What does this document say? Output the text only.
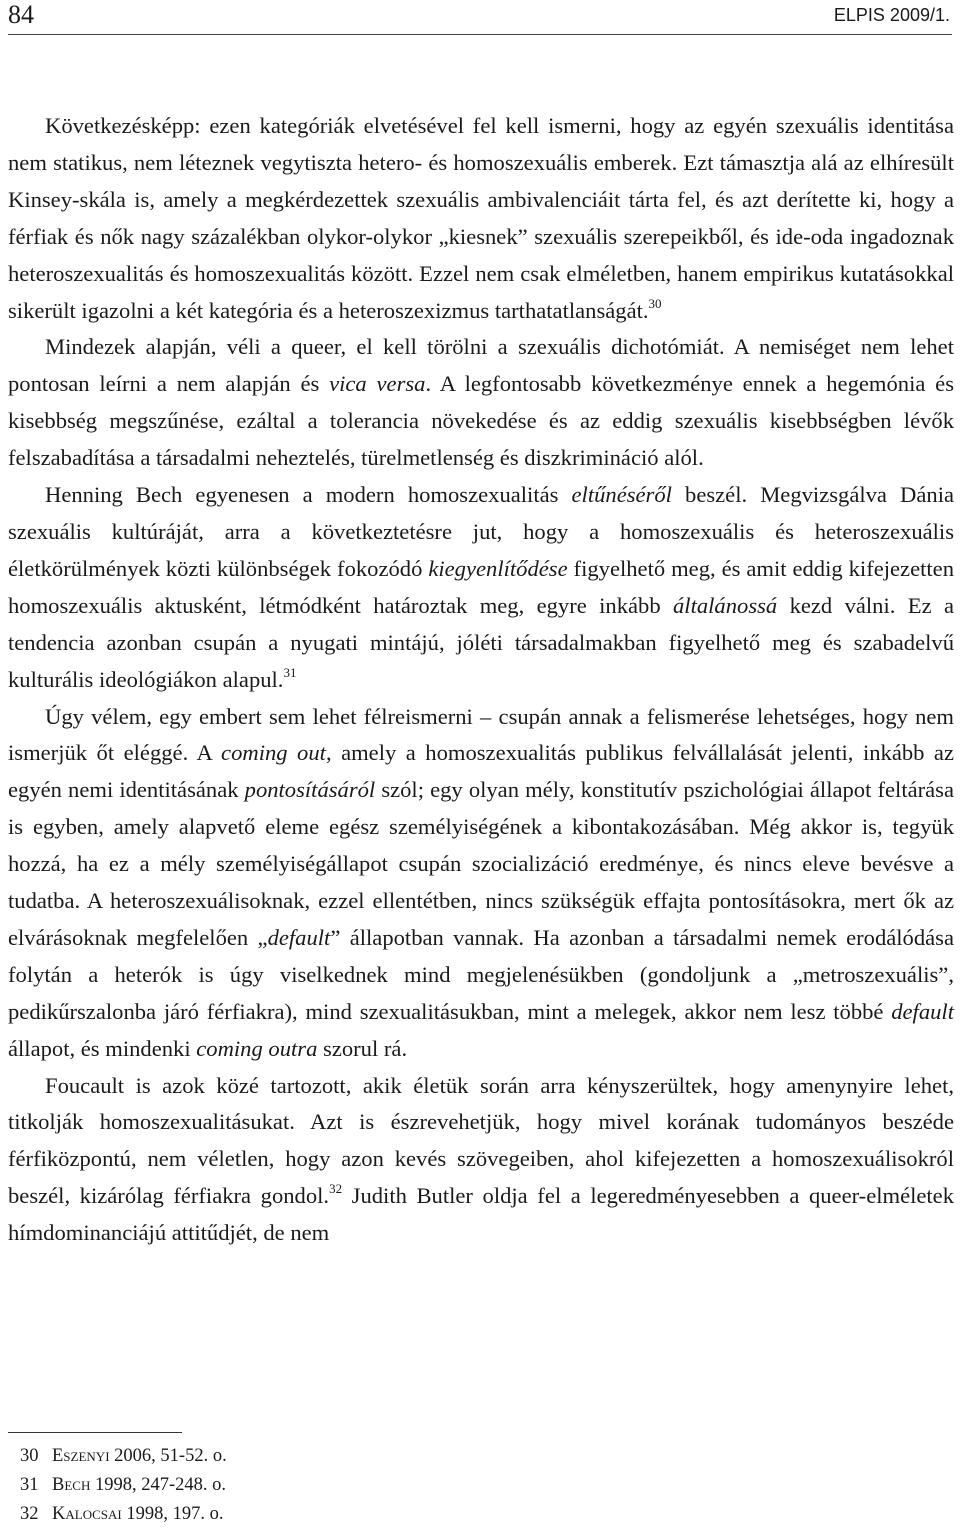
84	ELPIS 2009/1.

Következésképp: ezen kategóriák elvetésével fel kell ismerni, hogy az egyén szexuális identitása nem statikus, nem léteznek vegytiszta hetero- és homoszexuális emberek. Ezt támasztja alá az elhíresült Kinsey-skála is, amely a megkérdezettek szexuális ambivalenciáit tárta fel, és azt derítette ki, hogy a férfiak és nők nagy százalékban olykor-olykor „kiesnek” szexuális szerepeikből, és ide-oda ingadoznak heteroszexualitás és homoszexualitás között. Ezzel nem csak elméletben, hanem empirikus kutatásokkal sikerült igazolni a két kategória és a heteroszexizmus tarthatatlanságát.$^{30}$

Mindezek alapján, véli a queer, el kell törölni a szexuális dichotómiát. A nemiséget nem lehet pontosan leírni a nem alapján és vica versa. A legfontosabb következménye ennek a hegemónia és kisebbség megszűnése, ezáltal a tolerancia növekedése és az eddig szexuális kisebbségben lévők felszabadítása a társadalmi neheztelés, türelmetlenség és diszkrimináció alól.

Henning Bech egyenesen a modern homoszexualitás eltűnéséről beszél. Megvizsgálva Dánia szexuális kultúráját, arra a következtetésre jut, hogy a homoszexuális és heteroszexuális életkörülmények közti különbségek fokozódó kiegyenlítődése figyelhető meg, és amit eddig kifejezetten homoszexuális aktusként, létmódként határoztak meg, egyre inkább általánossá kezd válni. Ez a tendencia azonban csupán a nyugati mintájú, jóléti társadalmakban figyelhető meg és szabadelvű kulturális ideológiákon alapul.$^{31}$

Úgy vélem, egy embert sem lehet félreismerni – csupán annak a felismerése lehetséges, hogy nem ismerjük őt eléggé. A coming out, amely a homoszexualitás publikus felvállalását jelenti, inkább az egyén nemi identitásának pontosításáról szól; egy olyan mély, konstitutív pszichológiai állapot feltárása is egyben, amely alapvető eleme egész személyiségének a kibontakozásában. Még akkor is, tegyük hozzá, ha ez a mély személyiségállapot csupán szocializáció eredménye, és nincs eleve bevésve a tudatba. A heteroszexuálisoknak, ezzel ellentétben, nincs szükségük effajta pontosításokra, mert ők az elvárásoknak megfelelően „default” állapotban vannak. Ha azonban a társadalmi nemek erodálódása folytán a heterók is úgy viselkednek mind megjelenésükben (gondoljunk a „metroszexuális”, pedikűrszalonba járó férfiakra), mind szexualitásukban, mint a melegek, akkor nem lesz többé default állapot, és mindenki coming outra szorul rá.

Foucault is azok közé tartozott, akik életük során arra kényszerültek, hogy amenynyire lehet, titkolják homoszexualitásukat. Azt is észrevehetjük, hogy mivel korának tudományos beszéde férfiközpontú, nem véletlen, hogy azon kevés szövegeiben, ahol kifejezetten a homoszexuálisokról beszél, kizárólag férfiakra gondol.$^{32}$ Judith Butler oldja fel a legeredményesebben a queer-elméletek hímdominanciájú attitűdjét, de nem

30 Eszenyi 2006, 51-52. o.
31 Bech 1998, 247-248. o.
32 Kalocsai 1998, 197. o.
